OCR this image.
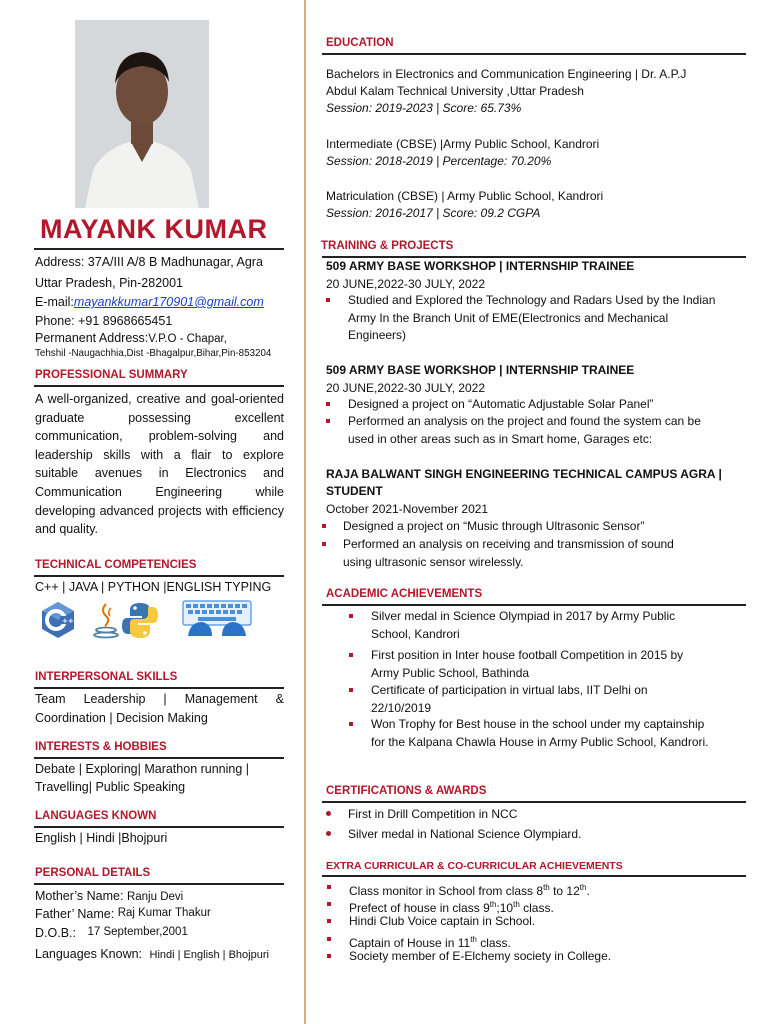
MAYANK KUMAR
Address: 37A/III A/8 B Madhunagar, Agra
Uttar Pradesh, Pin-282001
E-mail:mayankkumar170901@gmail.com
Phone: +91 8968665451
Permanent Address:V.P.O - Chapar,
Tehshil -Naugachhia,Dist -Bhagalpur,Bihar,Pin-853204
PROFESSIONAL SUMMARY
A well-organized, creative and goal-oriented graduate possessing excellent communication, problem-solving and leadership skills with a flair to explore suitable avenues in Electronics and Communication Engineering while developing advanced projects with efficiency and quality.
TECHNICAL COMPETENCIES
C++ | JAVA | PYTHON |ENGLISH TYPING
++
INTERPERSONAL SKILLS
Team Leadership | Management &
Coordination | Decision Making
INTERESTS & HOBBIES
Debate | Exploring| Marathon running |
Travelling| Public Speaking
LANGUAGES KNOWN
English | Hindi |Bhojpuri
PERSONAL DETAILS
Mother’s Name: Ranju Devi
Father’ Name: Raj Kumar Thakur
D.O.B.: 17 September,2001
Languages Known: Hindi | English | Bhojpuri
EDUCATION
Bachelors in Electronics and Communication Engineering | Dr. A.P.J
Abdul Kalam Technical University ,Uttar Pradesh
Session: 2019-2023 | Score: 65.73%
Intermediate (CBSE) |Army Public School, Kandrori
Session: 2018-2019 | Percentage: 70.20%
Matriculation (CBSE) | Army Public School, Kandrori
Session: 2016-2017 | Score: 09.2 CGPA
TRAINING & PROJECTS
509 ARMY BASE WORKSHOP | INTERNSHIP TRAINEE
20 JUNE,2022-30 JULY, 2022
Studied and Explored the Technology and Radars Used by the Indian Army In the Branch Unit of EME(Electronics and Mechanical Engineers)
509 ARMY BASE WORKSHOP | INTERNSHIP TRAINEE
20 JUNE,2022-30 JULY, 2022
Designed a project on “Automatic Adjustable Solar Panel”
Performed an analysis on the project and found the system can be used in other areas such as in Smart home, Garages etc:
RAJA BALWANT SINGH ENGINEERING TECHNICAL CAMPUS AGRA |
STUDENT
October 2021-November 2021
Designed a project on “Music through Ultrasonic Sensor”
Performed an analysis on receiving and transmission of sound using ultrasonic sensor wirelessly.
ACADEMIC ACHIEVEMENTS
Silver medal in Science Olympiad in 2017 by Army Public School, Kandrori
First position in Inter house football Competition in 2015 by Army Public School, Bathinda
Certificate of participation in virtual labs, IIT Delhi on 22/10/2019
Won Trophy for Best house in the school under my captainship for the Kalpana Chawla House in Army Public School, Kandrori.
CERTIFICATIONS & AWARDS
First in Drill Competition in NCC
Silver medal in National Science Olympiard.
EXTRA CURRICULAR & CO-CURRICULAR ACHIEVEMENTS
Class monitor in School from class 8th to 12th.
Prefect of house in class 9th;10th class.
Hindi Club Voice captain in School.
Captain of House in 11th class.
Society member of E-Elchemy society in College.
